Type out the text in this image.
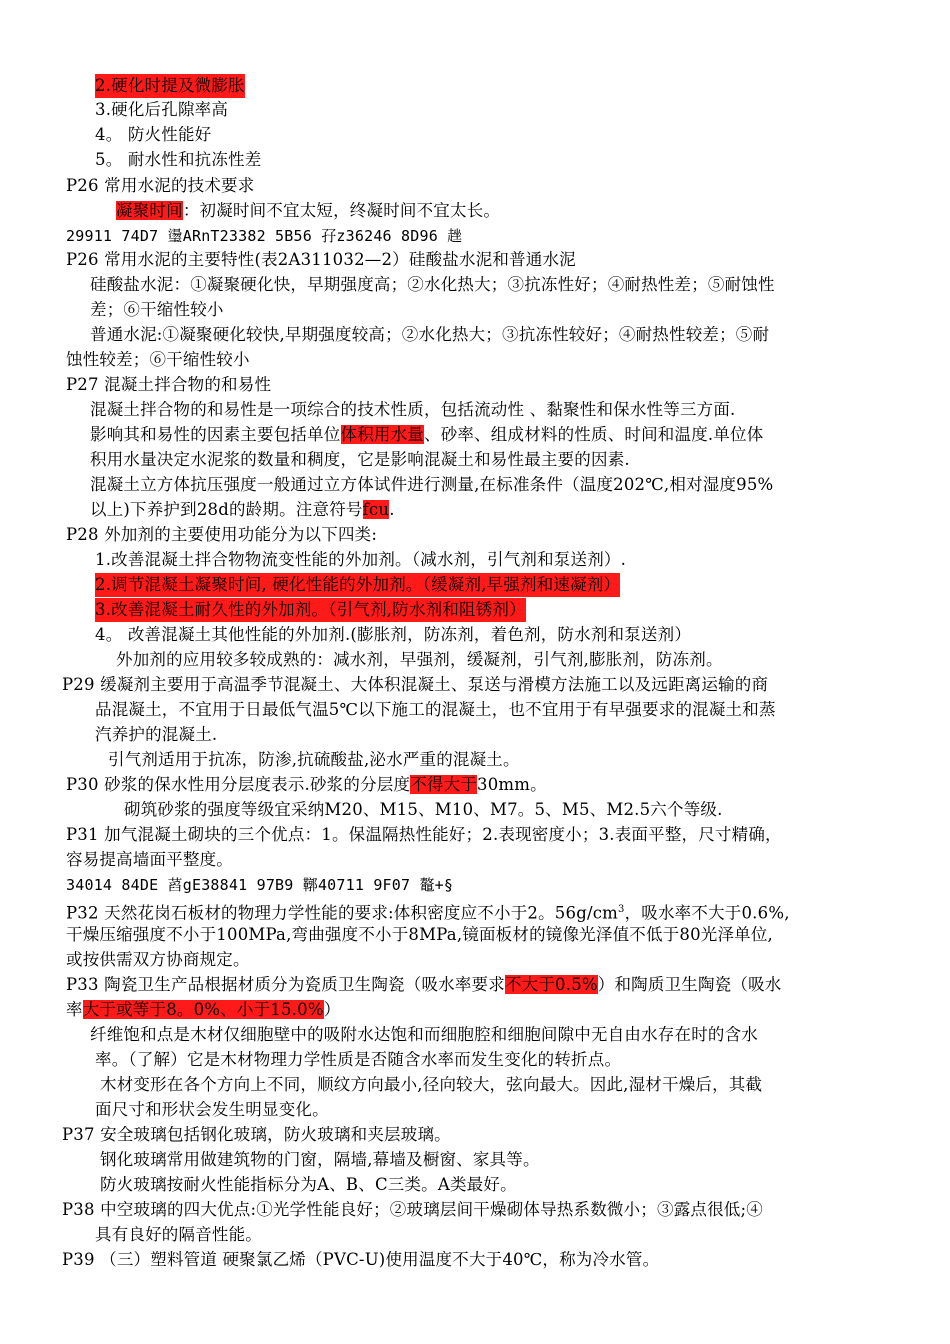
2.硬化时提及微膨胀
3.硬化后孔隙率高
4。 防火性能好
5。 耐水性和抗冻性差
P26 常用水泥的技术要求
凝聚时间：初凝时间不宜太短，终凝时间不宜太长。
29911 74D7 璗ARnT23382 5B56 孖z36246 8D96 趖
P26 常用水泥的主要特性(表2A311032—2）硅酸盐水泥和普通水泥
硅酸盐水泥：①凝聚硬化快，早期强度高；②水化热大；③抗冻性好；④耐热性差；⑤耐蚀性
差；⑥干缩性较小
普通水泥:①凝聚硬化较快,早期强度较高；②水化热大；③抗冻性较好；④耐热性较差；⑤耐
蚀性较差；⑥干缩性较小
P27 混凝土拌合物的和易性
混凝土拌合物的和易性是一项综合的技术性质，包括流动性 、黏聚性和保水性等三方面.
影响其和易性的因素主要包括单位体积用水量、砂率、组成材料的性质、时间和温度.单位体
积用水量决定水泥浆的数量和稠度，它是影响混凝土和易性最主要的因素.
混凝土立方体抗压强度一般通过立方体试件进行测量,在标准条件（温度202℃,相对湿度95%
以上)下养护到28d的龄期。注意符号fcu.
P28 外加剂的主要使用功能分为以下四类:
1.改善混凝土拌合物物流变性能的外加剂。（减水剂，引气剂和泵送剂）.
2.调节混凝土凝聚时间, 硬化性能的外加剂。（缓凝剂,早强剂和速凝剂）
3.改善混凝土耐久性的外加剂。（引气剂,防水剂和阻锈剂）
4。 改善混凝土其他性能的外加剂.(膨胀剂，防冻剂，着色剂，防水剂和泵送剂）
外加剂的应用较多较成熟的：减水剂，早强剂，缓凝剂，引气剂,膨胀剂，防冻剂。
P29 缓凝剂主要用于高温季节混凝土、大体积混凝土、泵送与滑模方法施工以及远距离运输的商
品混凝土，不宜用于日最低气温5℃以下施工的混凝土，也不宜用于有早强要求的混凝土和蒸
汽养护的混凝土.
引气剂适用于抗冻，防渗,抗硫酸盐,泌水严重的混凝土。
P30 砂浆的保水性用分层度表示.砂浆的分层度不得大于30mm。
砌筑砂浆的强度等级宜采纳M20、M15、M10、M7。5、M5、M2.5六个等级.
P31 加气混凝土砌块的三个优点：1。保温隔热性能好；2.表现密度小；3.表面平整，尺寸精确，
容易提高墙面平整度。
34014 84DE 蓞gE38841 97B9 鞹40711 9F07 鼇+§
P32 天然花岗石板材的物理力学性能的要求:体积密度应不小于2。$56g/cm^3$，吸水率不大于0.6%,
干燥压缩强度不小于100MPa,弯曲强度不小于8MPa,镜面板材的镜像光泽值不低于80光泽单位,
或按供需双方协商规定。
P33 陶瓷卫生产品根据材质分为瓷质卫生陶瓷（吸水率要求不大于0.5%）和陶质卫生陶瓷（吸水
率大于或等于8。0%、小于15.0%）
纤维饱和点是木材仅细胞壁中的吸附水达饱和而细胞腔和细胞间隙中无自由水存在时的含水
率。（了解）它是木材物理力学性质是否随含水率而发生变化的转折点。
木材变形在各个方向上不同，顺纹方向最小,径向较大，弦向最大。因此,湿材干燥后，其截
面尺寸和形状会发生明显变化。
P37 安全玻璃包括钢化玻璃，防火玻璃和夹层玻璃。
钢化玻璃常用做建筑物的门窗，隔墙,幕墙及橱窗、家具等。
防火玻璃按耐火性能指标分为A、B、C三类。A类最好。
P38 中空玻璃的四大优点:①光学性能良好；②玻璃层间干燥砌体导热系数微小；③露点很低;④
具有良好的隔音性能。
P39 （三）塑料管道 硬聚氯乙烯（PVC-U)使用温度不大于40℃，称为冷水管。
